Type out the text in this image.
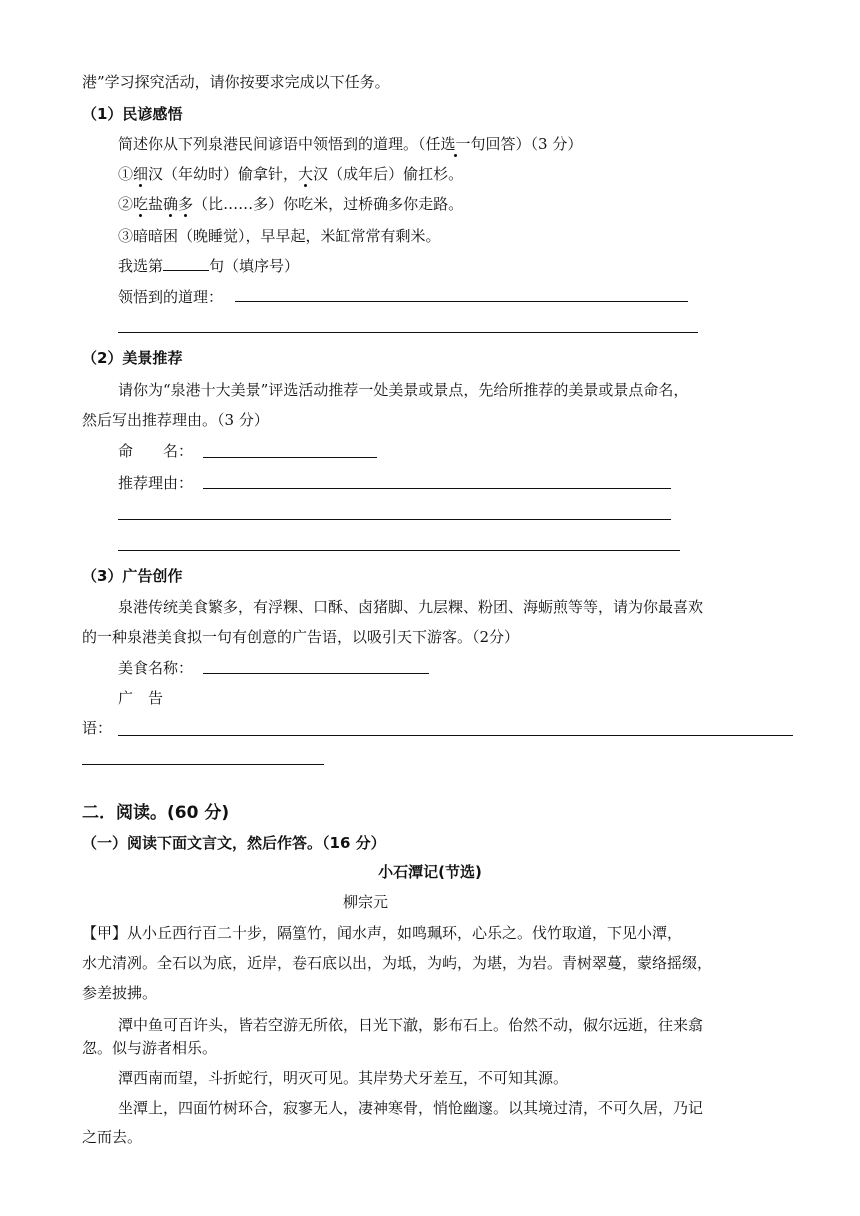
港”学习探究活动，请你按要求完成以下任务。
（1）民谚感悟
简述你从下列泉港民间谚语中领悟到的道理。（任选一句回答）（3 分）
①细汉（年幼时）偷拿针，大汉（成年后）偷扛杉。
②吃盐确多（比……多）你吃米，过桥确多你走路。
③暗暗困（晚睡觉），早早起，米缸常常有剩米。
我选第	句（填序号）
领悟到的道理：
（2）美景推荐
请你为“泉港十大美景”评选活动推荐一处美景或景点，先给所推荐的美景或景点命名，
然后写出推荐理由。（3 分）
命　　名：
推荐理由：
（3）广告创作
泉港传统美食繁多，有浮粿、口酥、卤猪脚、九层粿、粉团、海蛎煎等等，请为你最喜欢
的一种泉港美食拟一句有创意的广告语，以吸引天下游客。（2分）
美食名称：
广　告
语：
二．阅读。(60 分)
（一）阅读下面文言文，然后作答。（16 分）
小石潭记(节选)
柳宗元
【甲】从小丘西行百二十步，隔篁竹，闻水声，如鸣珮环，心乐之。伐竹取道，下见小潭，
水尤清冽。全石以为底，近岸，卷石底以出，为坻，为屿，为堪，为岩。青树翠蔓，蒙络摇缀，
参差披拂。
潭中鱼可百许头，皆若空游无所依，日光下澈，影布石上。佁然不动，俶尔远逝，往来翕
忽。似与游者相乐。
潭西南而望，斗折蛇行，明灭可见。其岸势犬牙差互，不可知其源。
坐潭上，四面竹树环合，寂寥无人，凄神寒骨，悄怆幽邃。以其境过清，不可久居，乃记
之而去。
